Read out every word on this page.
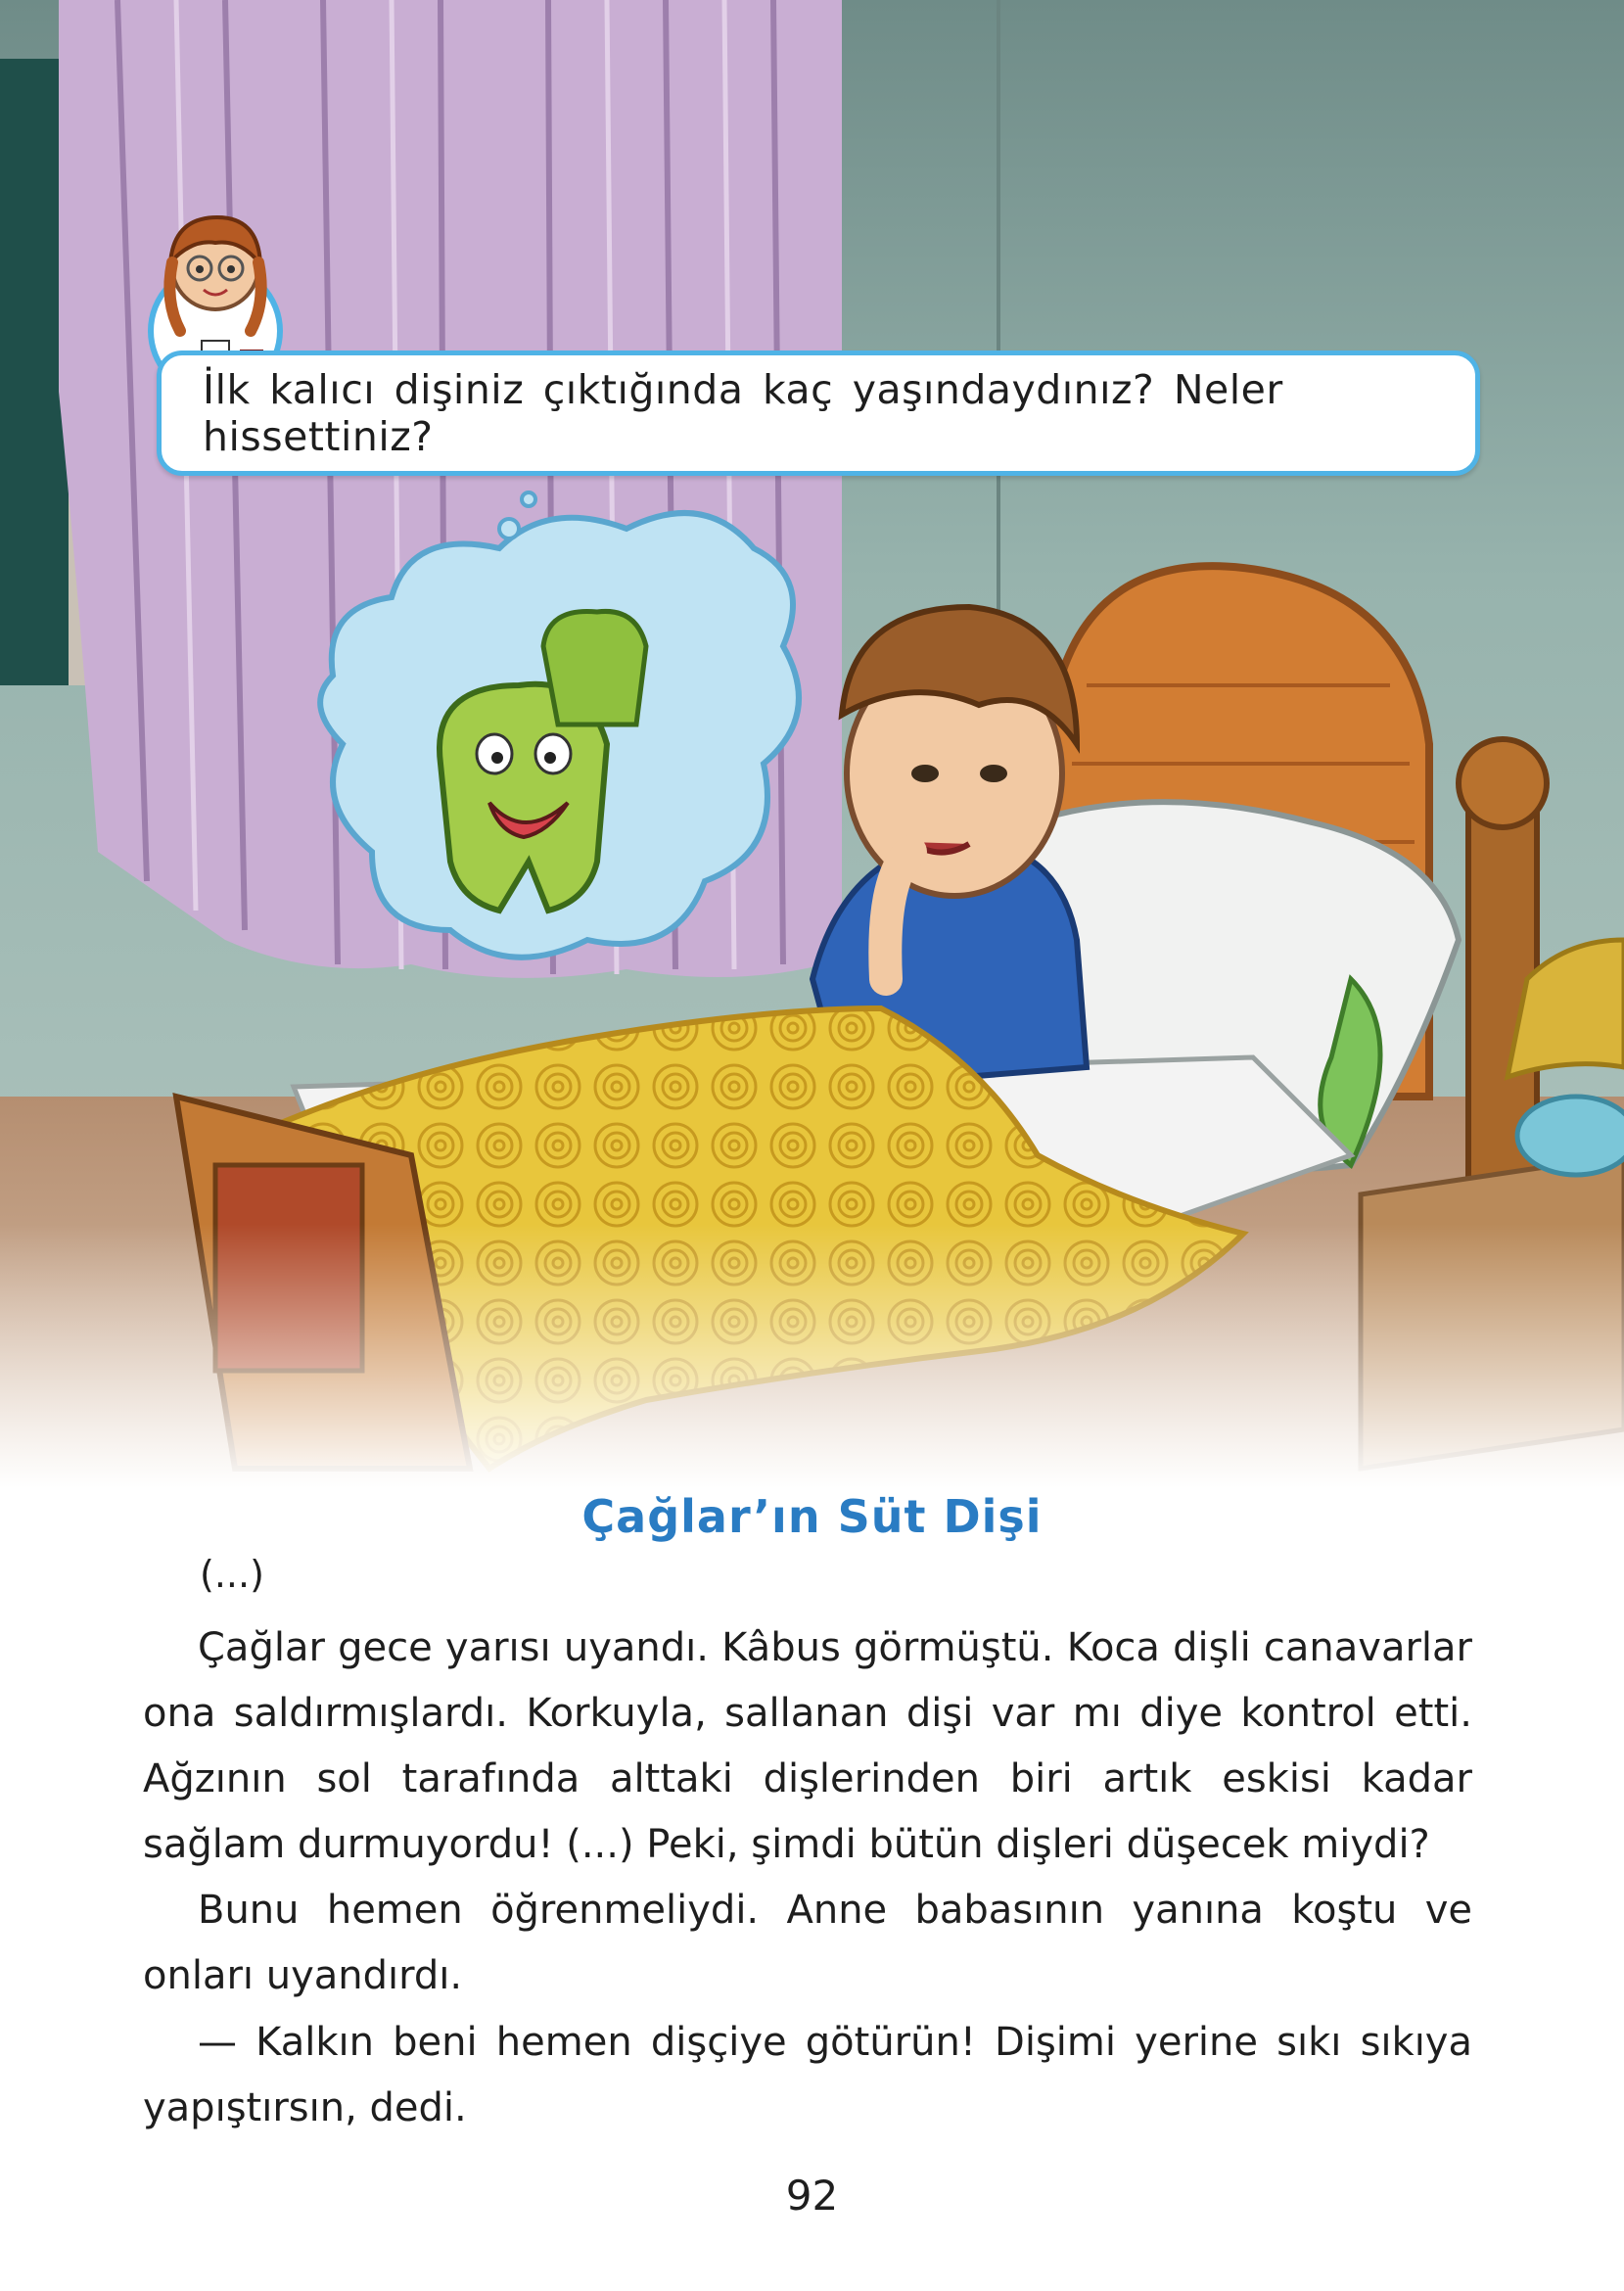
İlk kalıcı dişiniz çıktığında kaç yaşındaydınız? Neler hissettiniz?
Çağlar’ın Süt Dişi
(...)

Çağlar gece yarısı uyandı. Kâbus görmüştü. Koca dişli canavarlar ona saldırmışlardı. Korkuyla, sallanan dişi var mı diye kontrol etti. Ağzının sol tarafında alttaki dişlerinden biri artık eskisi kadar sağlam durmuyordu! (...) Peki, şimdi bütün dişleri düşecek miydi?

Bunu hemen öğrenmeliydi. Anne babasının yanına koştu ve onları uyandırdı.

— Kalkın beni hemen dişçiye götürün! Dişimi yerine sıkı sıkıya yapıştırsın, dedi.

92
